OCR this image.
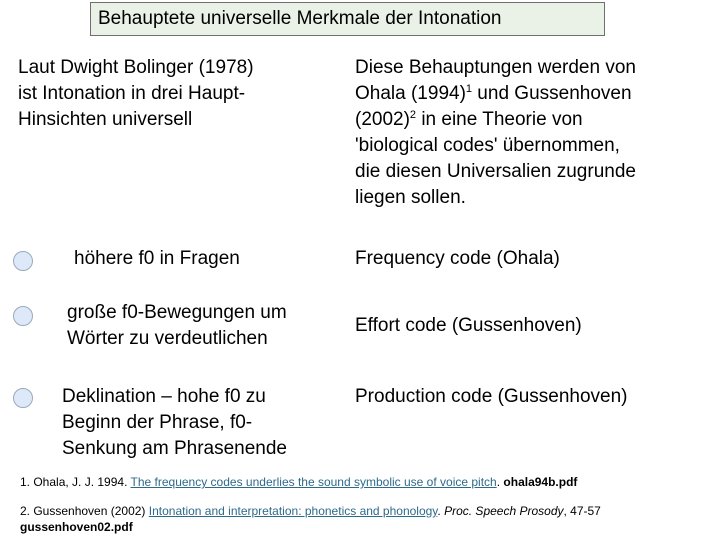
Behauptete universelle Merkmale der Intonation
Laut Dwight Bolinger (1978)
ist Intonation in drei Haupt-
Hinsichten universell
Diese Behauptungen werden von
Ohala $(1994)^1$ und Gussenhoven
$(2002)^2$ in eine Theorie von
'biological codes' übernommen,
die diesen Universalien zugrunde
liegen sollen.
höhere f0 in Fragen	Frequency code (Ohala)
große f0-Bewegungen um
Wörter zu verdeutlichen
Effort code (Gussenhoven)
Deklination – hohe f0 zu
Beginn der Phrase, f0-
Senkung am Phrasenende
Production code (Gussenhoven)
1. Ohala, J. J. 1994. The frequency codes underlies the sound symbolic use of voice pitch. ohala94b.pdf
2. Gussenhoven (2002) Intonation and interpretation: phonetics and phonology. Proc. Speech Prosody, 47-57
gussenhoven02.pdf
